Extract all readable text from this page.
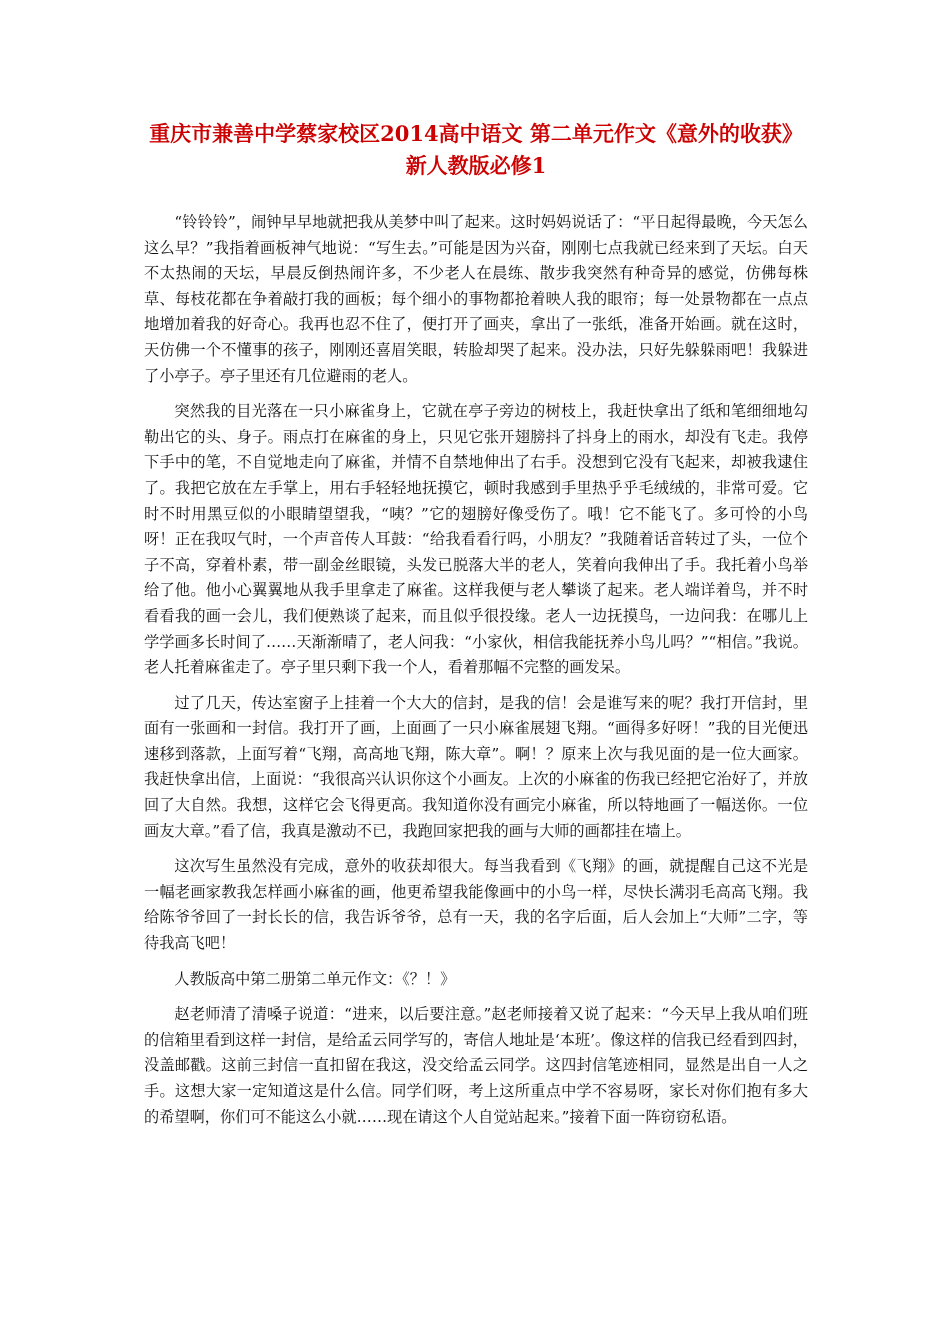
重庆市兼善中学蔡家校区2014高中语文 第二单元作文《意外的收获》新人教版必修1

“铃铃铃”，闹钟早早地就把我从美梦中叫了起来。这时妈妈说话了：“平日起得最晚，今天怎么这么早？”我指着画板神气地说：“写生去。”可能是因为兴奋，刚刚七点我就已经来到了天坛。白天不太热闹的天坛，早晨反倒热闹许多，不少老人在晨练、散步我突然有种奇异的感觉，仿佛每株草、每枝花都在争着敲打我的画板；每个细小的事物都抢着映人我的眼帘；每一处景物都在一点点地增加着我的好奇心。我再也忍不住了，便打开了画夹，拿出了一张纸，准备开始画。就在这时，天仿佛一个不懂事的孩子，刚刚还喜眉笑眼，转脸却哭了起来。没办法，只好先躲躲雨吧！我躲进了小亭子。亭子里还有几位避雨的老人。

突然我的目光落在一只小麻雀身上，它就在亭子旁边的树枝上，我赶快拿出了纸和笔细细地勾勒出它的头、身子。雨点打在麻雀的身上，只见它张开翅膀抖了抖身上的雨水，却没有飞走。我停下手中的笔，不自觉地走向了麻雀，并情不自禁地伸出了右手。没想到它没有飞起来，却被我逮住了。我把它放在左手掌上，用右手轻轻地抚摸它，顿时我感到手里热乎乎毛绒绒的，非常可爱。它时不时用黑豆似的小眼睛望望我，“咦？”它的翅膀好像受伤了。哦！它不能飞了。多可怜的小鸟呀！正在我叹气时，一个声音传人耳鼓：“给我看看行吗，小朋友？”我随着话音转过了头，一位个子不高，穿着朴素，带一副金丝眼镜，头发已脱落大半的老人，笑着向我伸出了手。我托着小鸟举给了他。他小心翼翼地从我手里拿走了麻雀。这样我便与老人攀谈了起来。老人端详着鸟，并不时看看我的画一会儿，我们便熟谈了起来，而且似乎很投缘。老人一边抚摸鸟，一边问我：在哪儿上学学画多长时间了……天渐渐晴了，老人问我：“小家伙，相信我能抚养小鸟儿吗？”“相信。”我说。老人托着麻雀走了。亭子里只剩下我一个人，看着那幅不完整的画发呆。

过了几天，传达室窗子上挂着一个大大的信封，是我的信！会是谁写来的呢？我打开信封，里面有一张画和一封信。我打开了画，上面画了一只小麻雀展翅飞翔。“画得多好呀！”我的目光便迅速移到落款，上面写着“飞翔，高高地飞翔，陈大章”。啊！？原来上次与我见面的是一位大画家。我赶快拿出信，上面说：“我很高兴认识你这个小画友。上次的小麻雀的伤我已经把它治好了，并放回了大自然。我想，这样它会飞得更高。我知道你没有画完小麻雀，所以特地画了一幅送你。一位画友大章。”看了信，我真是激动不已，我跑回家把我的画与大师的画都挂在墙上。

这次写生虽然没有完成，意外的收获却很大。每当我看到《飞翔》的画，就提醒自己这不光是一幅老画家教我怎样画小麻雀的画，他更希望我能像画中的小鸟一样，尽快长满羽毛高高飞翔。我给陈爷爷回了一封长长的信，我告诉爷爷，总有一天，我的名字后面，后人会加上“大师”二字，等待我高飞吧！

人教版高中第二册第二单元作文：《？！》

赵老师清了清嗓子说道：“进来，以后要注意。”赵老师接着又说了起来：“今天早上我从咱们班的信箱里看到这样一封信，是给孟云同学写的，寄信人地址是‘本班’。像这样的信我已经看到四封，没盖邮戳。这前三封信一直扣留在我这，没交给孟云同学。这四封信笔迹相同，显然是出自一人之手。这想大家一定知道这是什么信。同学们呀，考上这所重点中学不容易呀，家长对你们抱有多大的希望啊，你们可不能这么小就……现在请这个人自觉站起来。”接着下面一阵窃窃私语。
